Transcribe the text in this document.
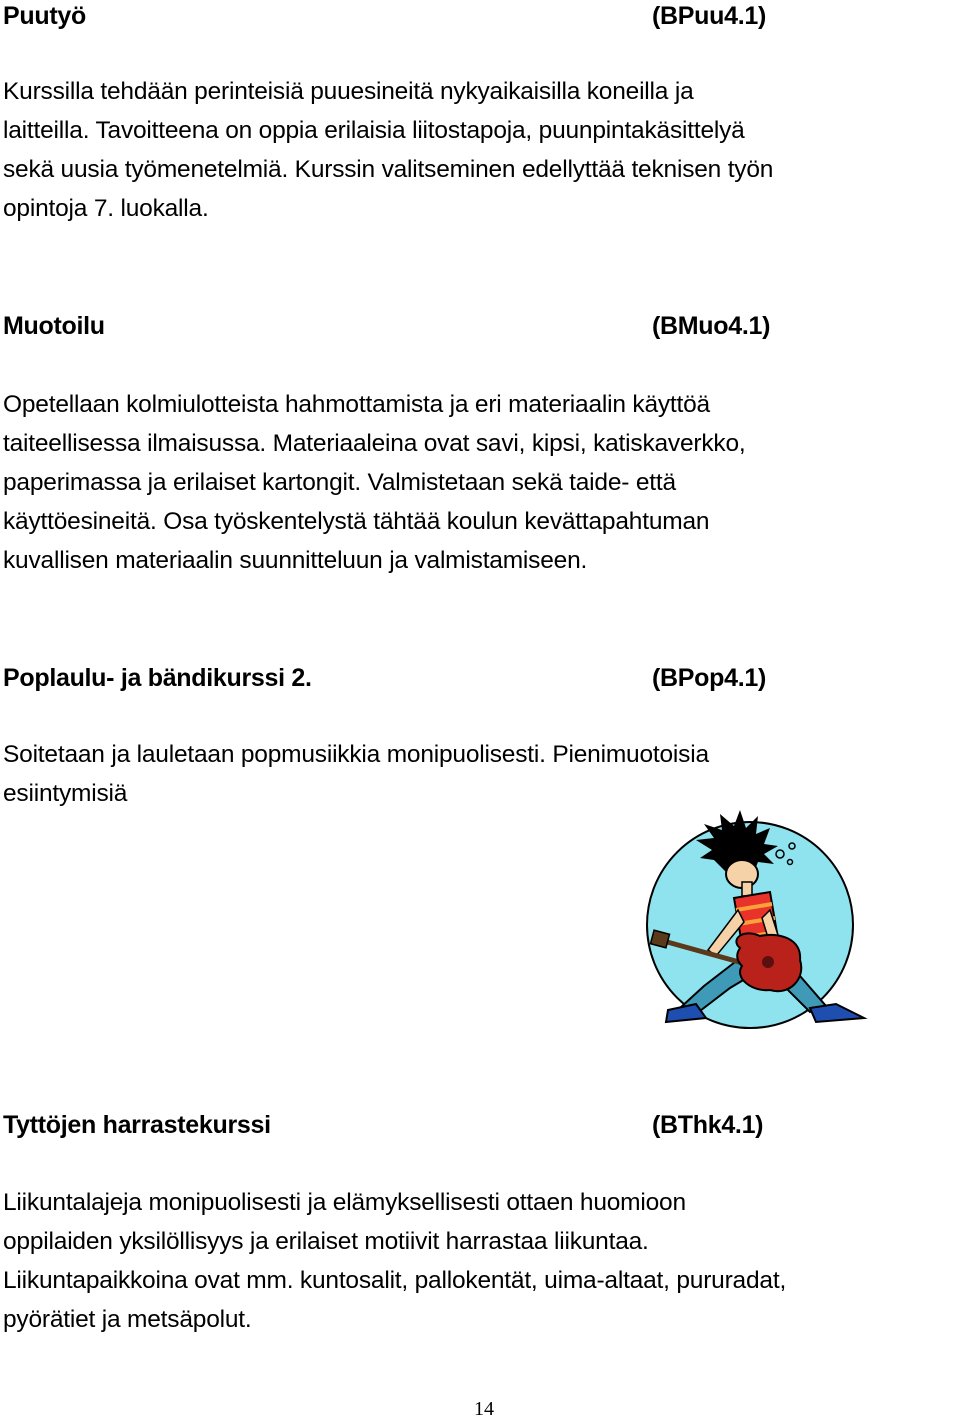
Puutyö	(BPuu4.1)
Kurssilla tehdään perinteisiä puuesineitä nykyaikaisilla koneilla ja
laitteilla. Tavoitteena on oppia erilaisia liitostapoja, puunpintakäsittelyä
sekä uusia työmenetelmiä. Kurssin valitseminen edellyttää teknisen työn
opintoja 7. luokalla.
Muotoilu	(BMuo4.1)
Opetellaan kolmiulotteista hahmottamista ja eri materiaalin käyttöä
taiteellisessa ilmaisussa. Materiaaleina ovat savi, kipsi, katiskaverkko,
paperimassa ja erilaiset kartongit. Valmistetaan sekä taide- että
käyttöesineitä. Osa työskentelystä tähtää koulun kevättapahtuman
kuvallisen materiaalin suunnitteluun ja valmistamiseen.
Poplaulu- ja bändikurssi 2.	(BPop4.1)
Soitetaan ja lauletaan popmusiikkia monipuolisesti. Pienimuotoisia
esiintymisiä
Tyttöjen harrastekurssi	(BThk4.1)
Liikuntalajeja monipuolisesti ja elämyksellisesti ottaen huomioon
oppilaiden yksilöllisyys ja erilaiset motiivit harrastaa liikuntaa.
Liikuntapaikkoina ovat mm. kuntosalit, pallokentät, uima-altaat, pururadat,
pyörätiet ja metsäpolut.
14
